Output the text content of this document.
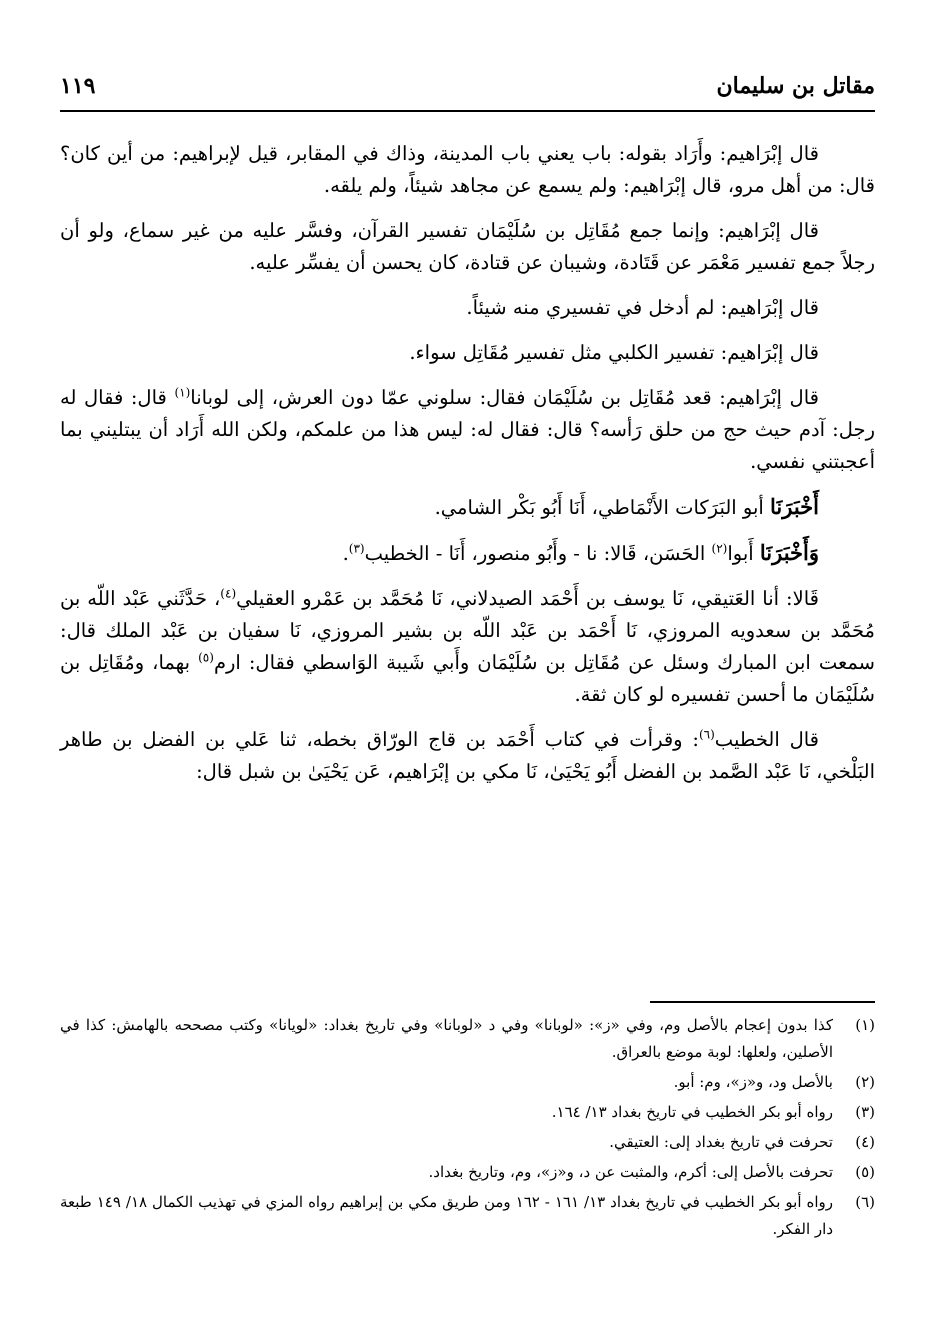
مقاتل بن سليمان
١١٩

قال إبْرَاهيم: وأَرَاد بقوله: باب يعني باب المدينة، وذاك في المقابر، قيل لإبراهيم: من أين كان؟ قال: من أهل مرو، قال إبْرَاهيم: ولم يسمع عن مجاهد شيئاً، ولم يلقه.

قال إبْرَاهيم: وإنما جمع مُقَاتِل بن سُلَيْمَان تفسير القرآن، وفسَّر عليه من غير سماع، ولو أن رجلاً جمع تفسير مَعْمَر عن قَتَادة، وشيبان عن قتادة، كان يحسن أن يفسِّر عليه.

قال إبْرَاهيم: لم أدخل في تفسيري منه شيئاً.

قال إبْرَاهيم: تفسير الكلبي مثل تفسير مُقَاتِل سواء.

قال إبْرَاهيم: قعد مُقَاتِل بن سُلَيْمَان فقال: سلوني عمّا دون العرش، إلى لوبانا$^{(١)}$ قال: فقال له رجل: آدم حيث حج من حلق رَأسه؟ قال: فقال له: ليس هذا من علمكم، ولكن الله أَرَاد أن يبتليني بما أعجبتني نفسي.

أَخْبَرَنَا أبو البَرَكات الأَنْمَاطي، أَنَا أَبُو بَكْر الشامي.

وَأَخْبَرَنَا أَبوا$^{(٢)}$ الحَسَن، قَالا: نا - وأَبُو منصور، أَنَا - الخطيب$^{(٣)}$.

قَالا: أنا العَتيقي، نَا يوسف بن أَحْمَد الصيدلاني، نَا مُحَمَّد بن عَمْرو العقيلي$^{(٤)}$، حَدَّثَني عَبْد اللّه بن مُحَمَّد بن سعدويه المروزي، نَا أَحْمَد بن عَبْد اللّه بن بشير المروزي، نَا سفيان بن عَبْد الملك قال: سمعت ابن المبارك وسئل عن مُقَاتِل بن سُلَيْمَان وأَبي شَيبة الوَاسطي فقال: ارم$^{(٥)}$ بهما، ومُقَاتِل بن سُلَيْمَان ما أحسن تفسيره لو كان ثقة.

قال الخطيب$^{(٦)}$: وقرأت في كتاب أَحْمَد بن قاج الورّاق بخطه، ثنا عَلي بن الفضل بن طاهر البَلْخي، نَا عَبْد الصَّمد بن الفضل أَبُو يَحْيَىٰ، نَا مكي بن إبْرَاهيم، عَن يَحْيَىٰ بن شبل قال:

(١)
كذا بدون إعجام بالأصل وم، وفي «ز»: «لوبانا» وفي د «لوبانا» وفي تاريخ بغداد: «لويانا» وكتب مصححه بالهامش: كذا في الأصلين، ولعلها: لوبة موضع بالعراق.
(٢)
بالأصل ود، و«ز»، وم: أبو.
(٣)
رواه أبو بكر الخطيب في تاريخ بغداد ١٣/ ١٦٤.
(٤)
تحرفت في تاريخ بغداد إلى: العتيقي.
(٥)
تحرفت بالأصل إلى: أكرم، والمثبت عن د، و«ز»، وم، وتاريخ بغداد.
(٦)
رواه أبو بكر الخطيب في تاريخ بغداد ١٣/ ١٦١ - ١٦٢ ومن طريق مكي بن إبراهيم رواه المزي في تهذيب الكمال ١٨/ ١٤٩ طبعة دار الفكر.
